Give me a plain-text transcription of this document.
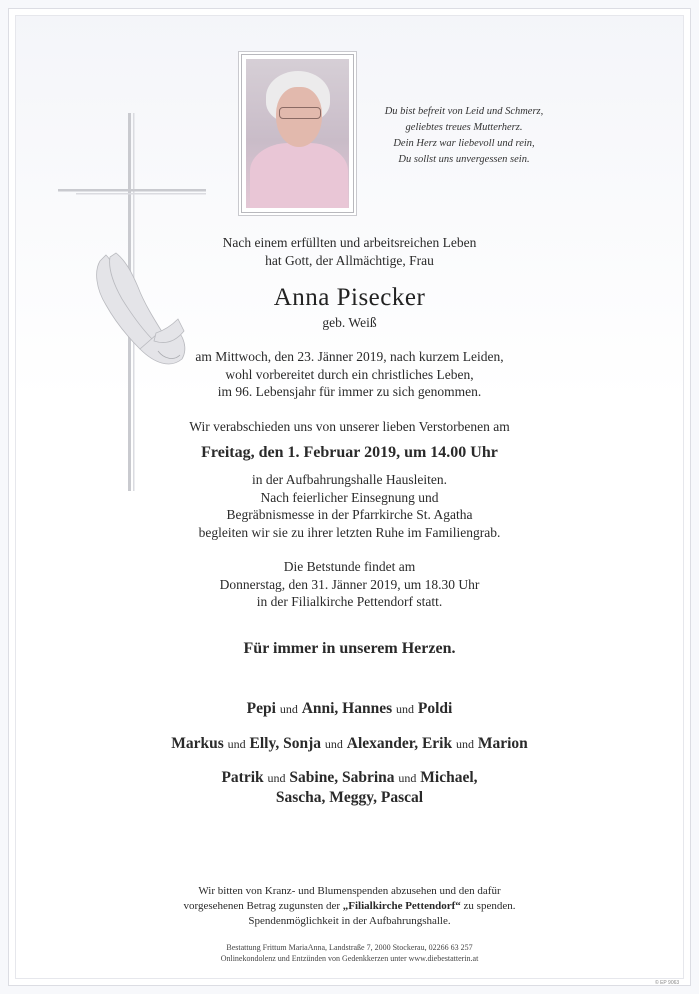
Du bist befreit von Leid und Schmerz,
geliebtes treues Mutterherz.
Dein Herz war liebevoll und rein,
Du sollst uns unvergessen sein.
Nach einem erfüllten und arbeitsreichen Leben
hat Gott, der Allmächtige, Frau
Anna Pisecker
geb. Weiß
am Mittwoch, den 23. Jänner 2019, nach kurzem Leiden,
wohl vorbereitet durch ein christliches Leben,
im 96. Lebensjahr für immer zu sich genommen.
Wir verabschieden uns von unserer lieben Verstorbenen am
Freitag, den 1. Februar 2019, um 14.00 Uhr
in der Aufbahrungshalle Hausleiten.
Nach feierlicher Einsegnung und
Begräbnismesse in der Pfarrkirche St. Agatha
begleiten wir sie zu ihrer letzten Ruhe im Familiengrab.
Die Betstunde findet am
Donnerstag, den 31. Jänner 2019, um 18.30 Uhr
in der Filialkirche Pettendorf statt.
Für immer in unserem Herzen.
Pepi und Anni, Hannes und Poldi
Markus und Elly, Sonja und Alexander, Erik und Marion
Patrik und Sabine, Sabrina und Michael,
Sascha, Meggy, Pascal
Wir bitten von Kranz- und Blumenspenden abzusehen und den dafür
vorgesehenen Betrag zugunsten der „Filialkirche Pettendorf“ zu spenden.
Spendenmöglichkeit in der Aufbahrungshalle.
Bestattung Frittum MariaAnna, Landstraße 7, 2000 Stockerau, 02266 63 257
Onlinekondolenz und Entzünden von Gedenkkerzen unter www.diebestatterin.at
© EP 9063
